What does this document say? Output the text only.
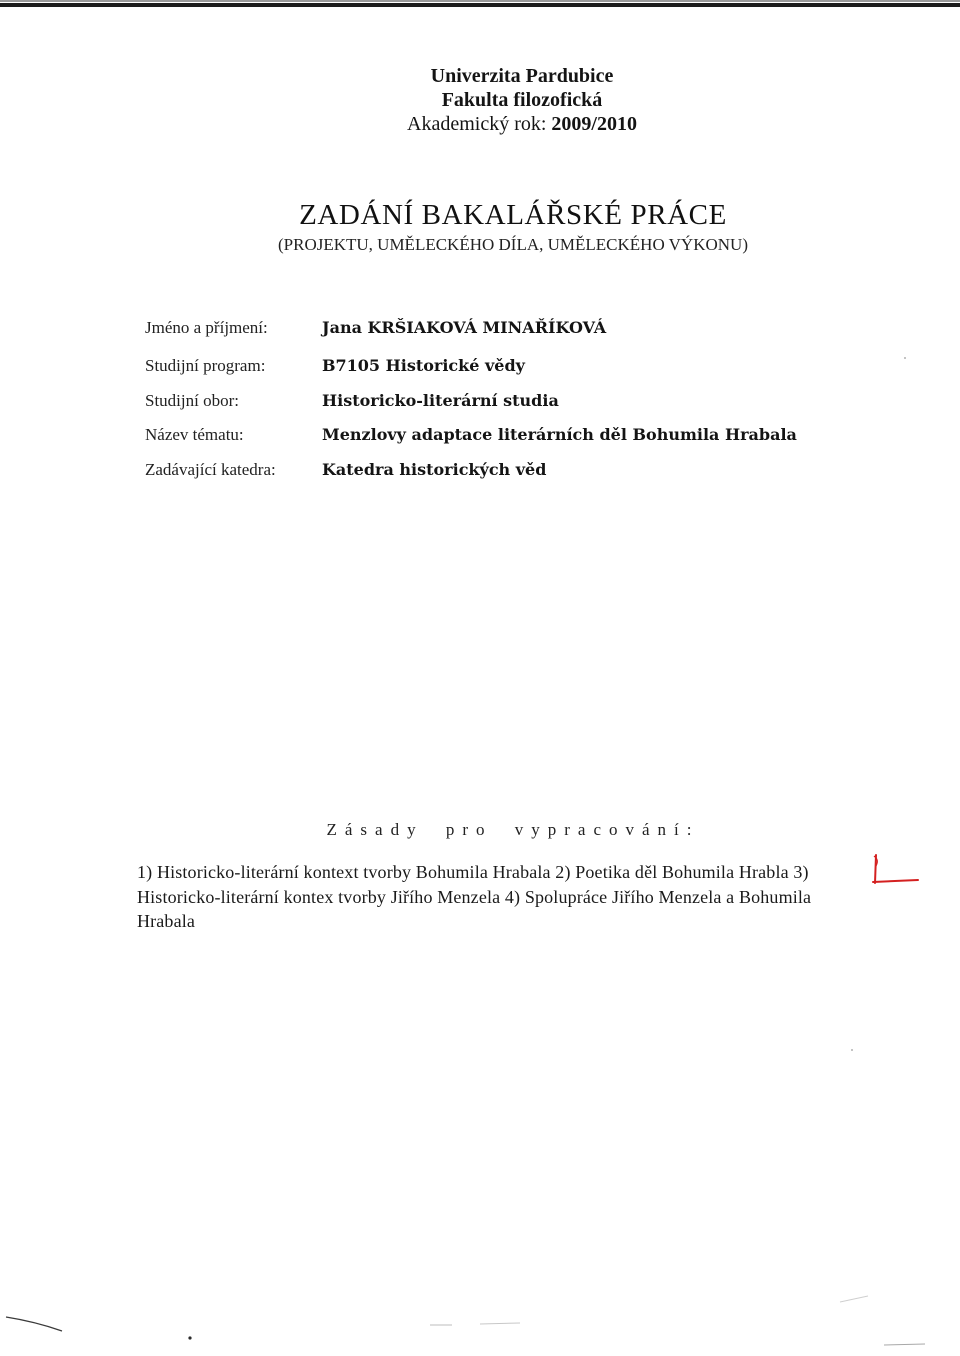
Univerzita Pardubice
Fakulta filozofická
Akademický rok: 2009/2010
ZADÁNÍ BAKALÁŘSKÉ PRÁCE
(PROJEKTU, UMĚLECKÉHO DÍLA, UMĚLECKÉHO VÝKONU)
Jméno a příjmení:	Jana KRŠIAKOVÁ MINAŘÍKOVÁ
Studijní program:	B7105 Historické vědy
Studijní obor:	Historicko-literární studia
Název tématu:	Menzlovy adaptace literárních děl Bohumila Hrabala
Zadávající katedra:	Katedra historických věd
Zásady pro vypracování:
1) Historicko-literární kontext tvorby Bohumila Hrabala 2) Poetika děl Bohumila Hrabla 3)
Historicko-literární kontex tvorby Jiřího Menzela 4) Spolupráce Jiřího Menzela a Bohumila
Hrabala
